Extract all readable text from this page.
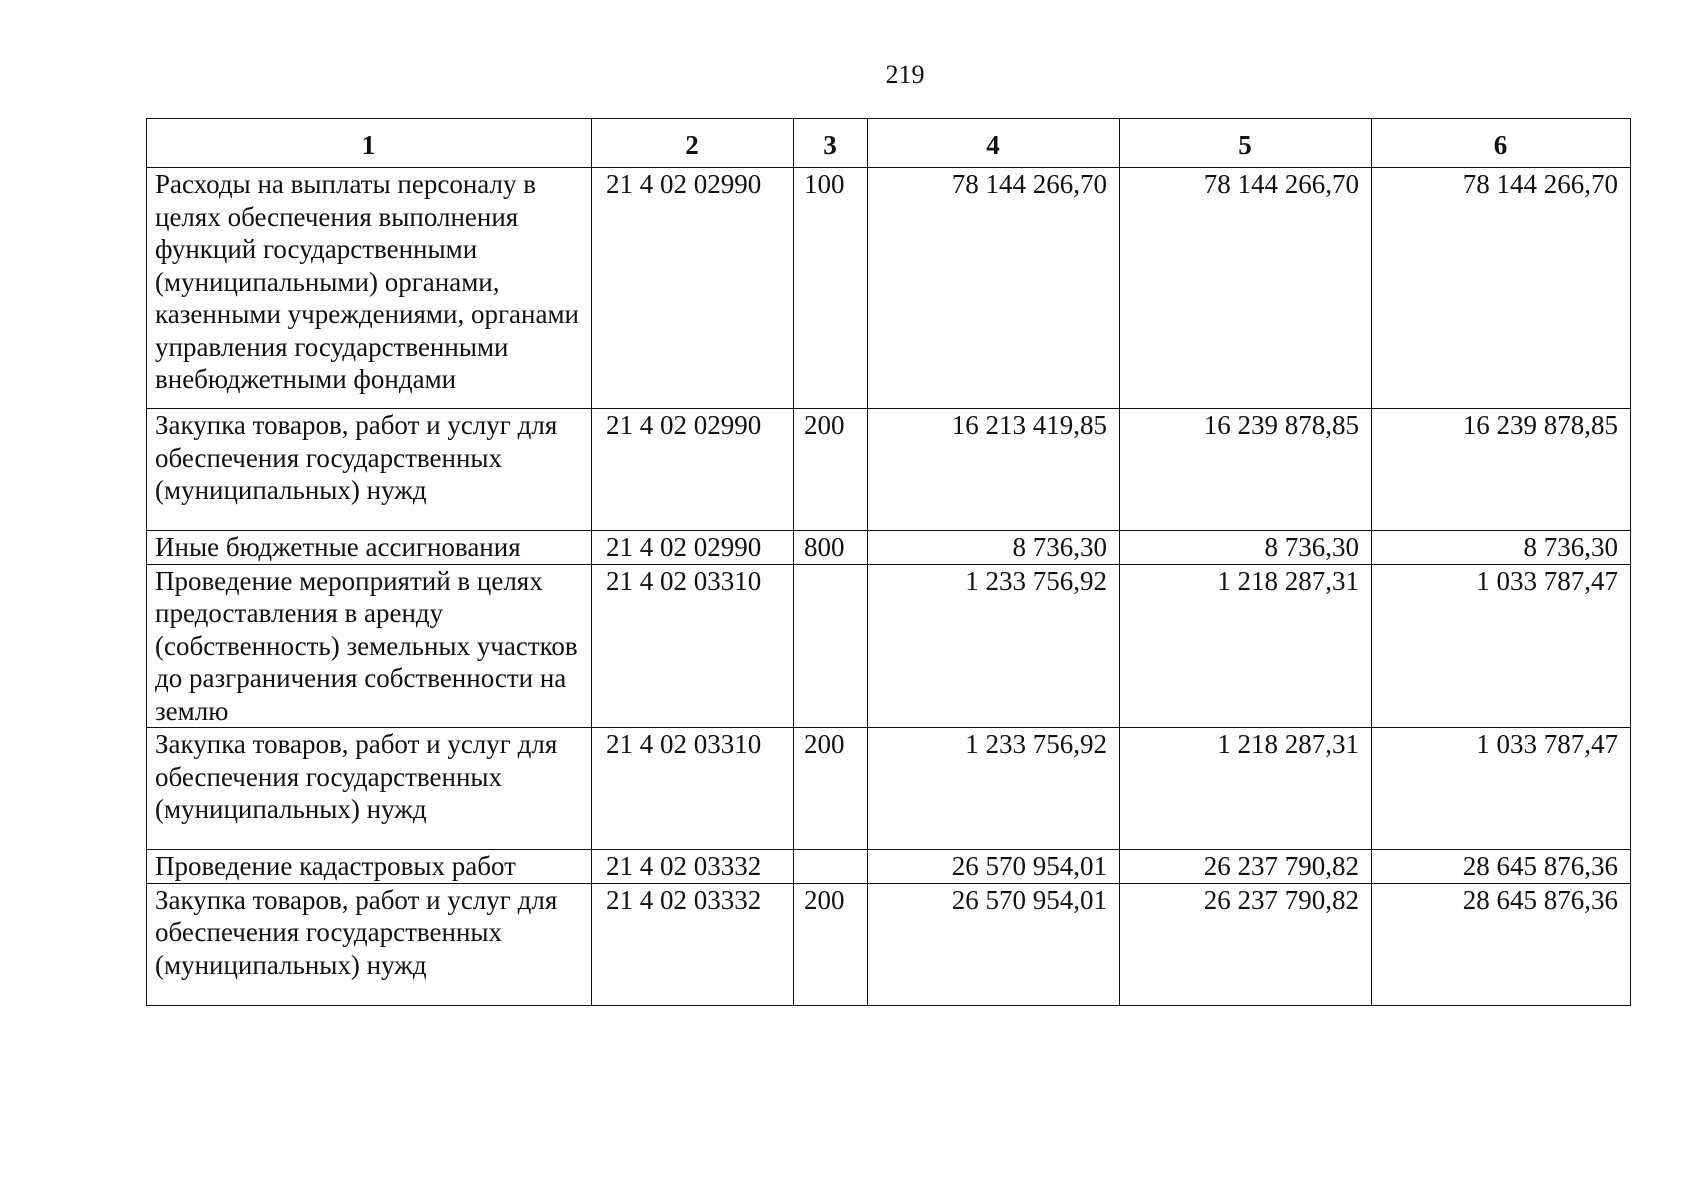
219
1	2	3	4	5	6
Расходы на выплаты персоналу в целях обеспечения выполнения функций государственными (муниципальными) органами, казенными учреждениями, органами управления государственными внебюджетными фондами	21 4 02 02990	100	78 144 266,70	78 144 266,70	78 144 266,70
Закупка товаров, работ и услуг для обеспечения государственных (муниципальных) нужд	21 4 02 02990	200	16 213 419,85	16 239 878,85	16 239 878,85
Иные бюджетные ассигнования	21 4 02 02990	800	8 736,30	8 736,30	8 736,30
Проведение мероприятий в целях предоставления в аренду (собственность) земельных участков до разграничения собственности на землю	21 4 02 03310		1 233 756,92	1 218 287,31	1 033 787,47
Закупка товаров, работ и услуг для обеспечения государственных (муниципальных) нужд	21 4 02 03310	200	1 233 756,92	1 218 287,31	1 033 787,47
Проведение кадастровых работ	21 4 02 03332		26 570 954,01	26 237 790,82	28 645 876,36
Закупка товаров, работ и услуг для обеспечения государственных (муниципальных) нужд	21 4 02 03332	200	26 570 954,01	26 237 790,82	28 645 876,36
